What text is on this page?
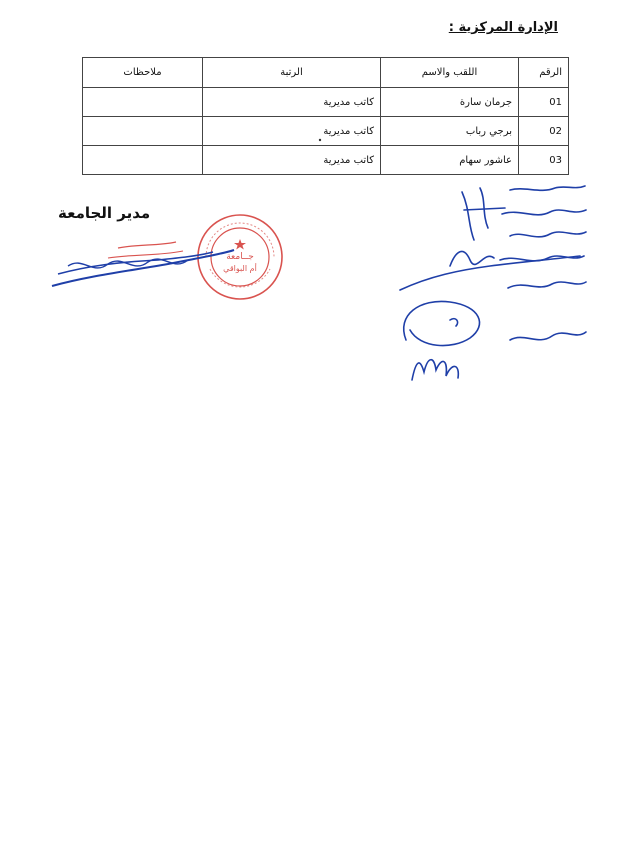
الإدارة المركزية :
الرقم	اللقب والاسم	الرتبة	ملاحظات
01	جرمان سارة	كاتب مديرية	
02	برجي رباب	كاتب مديرية	
03	عاشور سهام	كاتب مديرية	
مدير الجامعة
جــامعة
أم البواقي
